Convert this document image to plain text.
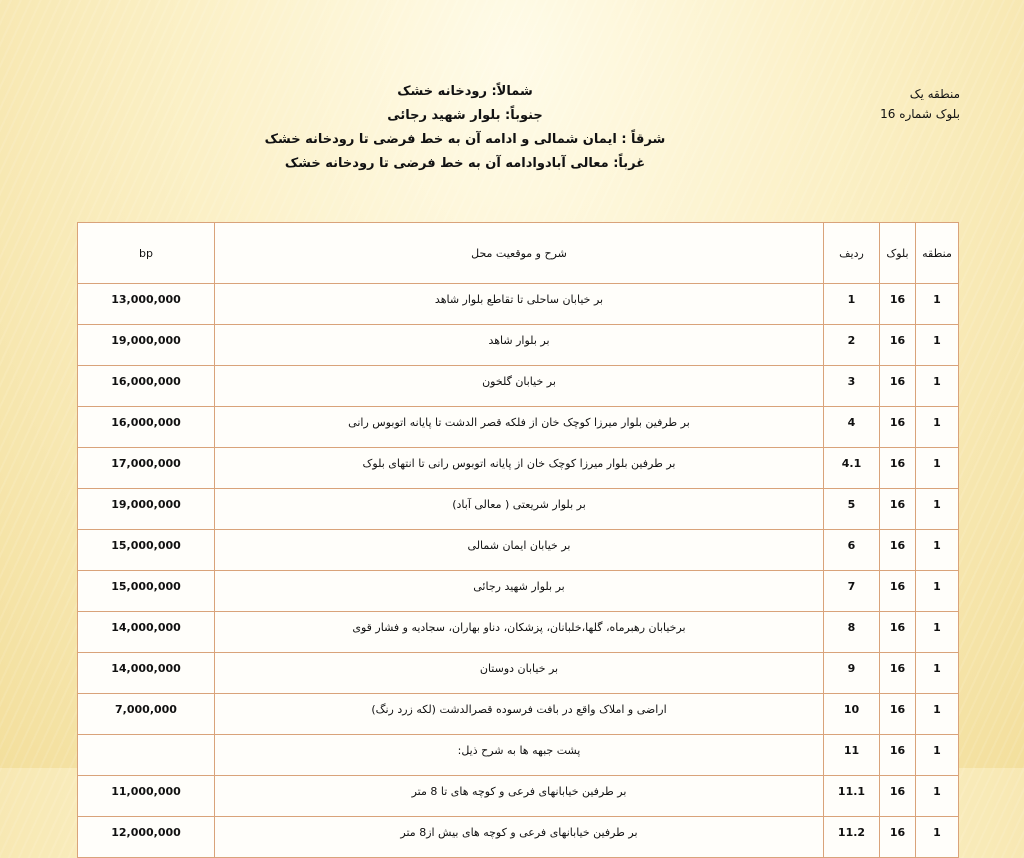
منطقه یک
بلوک شماره 16
شمالاً: رودخانه خشک
جنوباً: بلوار شهید رجائی
شرقاً : ایمان شمالی و ادامه آن به خط فرضی تا رودخانه خشک
غرباً: معالی آبادوادامه آن به خط فرضی تا رودخانه خشک
bp	شرح و موقعیت محل	ردیف	بلوک	منطقه
13,000,000	بر خیابان ساحلی تا تقاطع بلوار شاهد	1	16	1
19,000,000	بر بلوار شاهد	2	16	1
16,000,000	بر خیابان گلخون	3	16	1
16,000,000	بر طرفین بلوار میرزا کوچک خان از فلکه قصر الدشت تا پایانه اتوبوس رانی	4	16	1
17,000,000	بر طرفین بلوار میرزا کوچک خان از پایانه اتوبوس رانی تا انتهای بلوک	4.1	16	1
19,000,000	بر بلوار شریعتی ( معالی آباد)	5	16	1
15,000,000	بر خیابان ایمان شمالی	6	16	1
15,000,000	بر بلوار شهید رجائی	7	16	1
14,000,000	برخیابان رهبرماه، گلها،خلبانان، پزشکان، دناو بهاران، سجادیه و فشار قوی	8	16	1
14,000,000	بر خیابان دوستان	9	16	1
7,000,000	اراضی و املاک واقع در بافت فرسوده قصرالدشت (لکه زرد رنگ)	10	16	1
	پشت جبهه ها به شرح ذیل:	11	16	1
11,000,000	بر طرفین خیابانهای فرعی و کوچه های تا 8 متر	11.1	16	1
12,000,000	بر طرفین خیابانهای فرعی و کوچه های بیش از8 متر	11.2	16	1
